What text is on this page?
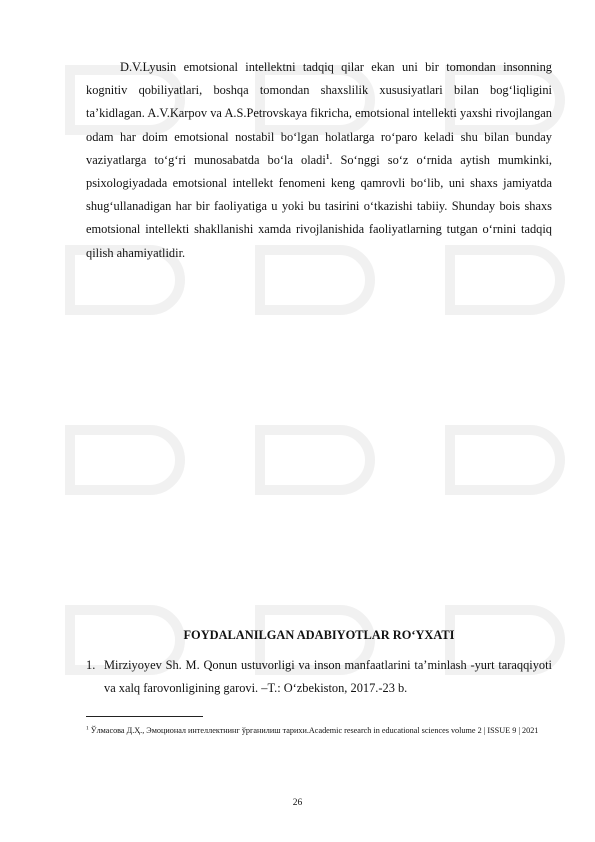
D.V.Lyusin emotsional intellektni tadqiq qilar ekan uni bir tomondan insonning kognitiv qobiliyatlari, boshqa tomondan shaxslilik xususiyatlari bilan bog‘liqligini ta’kidlagan. A.V.Karpov va A.S.Petrovskaya fikricha, emotsional intellekti yaxshi rivojlangan odam har doim emotsional nostabil bo‘lgan holatlarga ro‘paro keladi shu bilan bunday vaziyatlarga to‘g‘ri munosabatda bo‘la oladi$^1$. So‘nggi so‘z o‘rnida aytish mumkinki, psixologiyadada emotsional intellekt fenomeni keng qamrovli bo‘lib, uni shaxs jamiyatda shug‘ullanadigan har bir faoliyatiga u yoki bu tasirini o‘tkazishi tabiiy. Shunday bois shaxs emotsional intellekti shakllanishi xamda rivojlanishida faoliyatlarning tutgan o‘rnini tadqiq qilish ahamiyatlidir.

FOYDALANILGAN ADABIYOTLAR RO‘YXATI

1. Mirziyoyev Sh. M. Qonun ustuvorligi va inson manfaatlarini ta’minlash -yurt taraqqiyoti va xalq farovonligining garovi. –T.: O‘zbekiston, 2017.-23 b.

$^1$ Ўлмасова Д.Ҳ., Эмоционал интеллектнинг ўрганилиш тарихи.Academic research in educational sciences volume 2 | ISSUE 9 | 2021

26
